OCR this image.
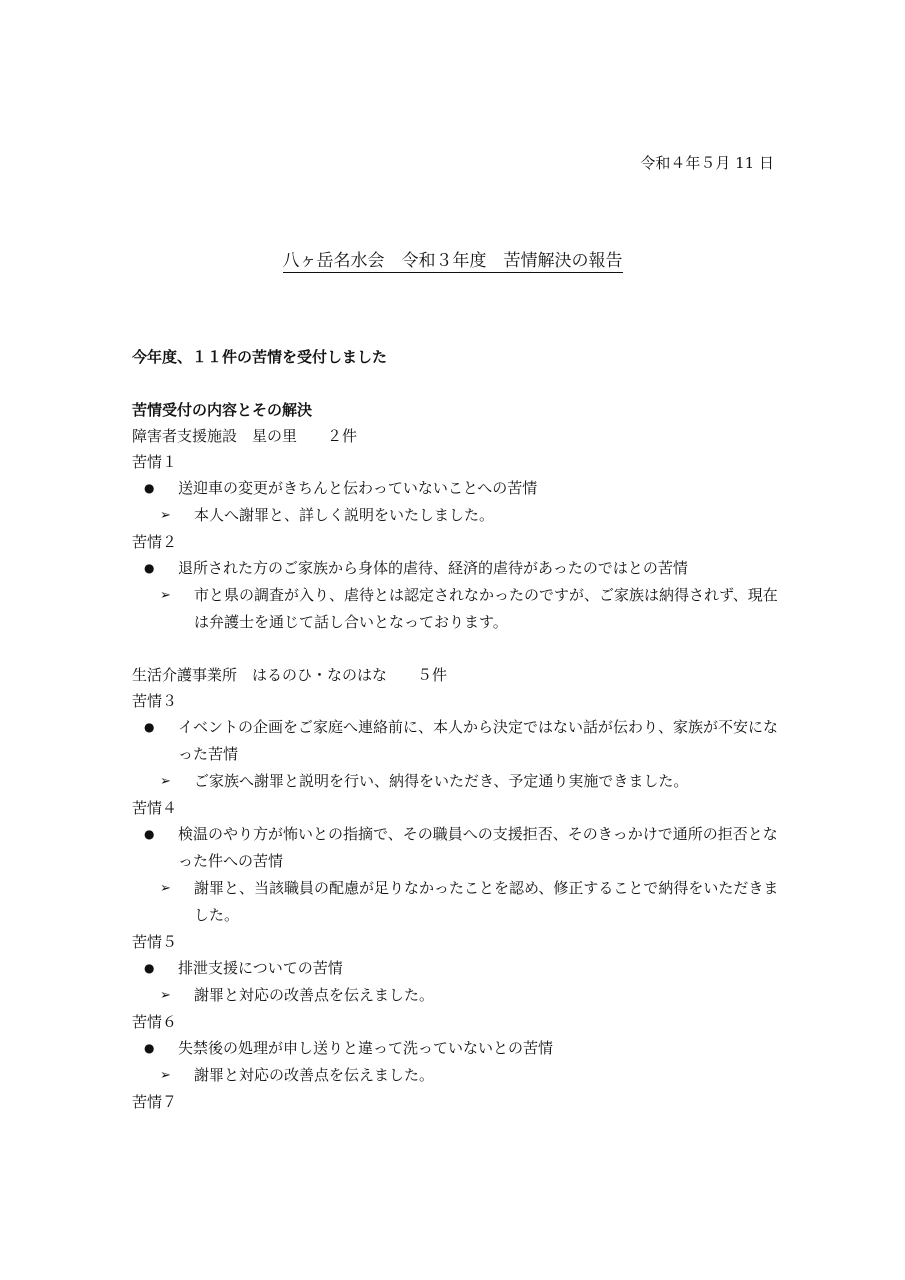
令和４年５月 11 日
八ヶ岳名水会　令和３年度　苦情解決の報告
今年度、１１件の苦情を受付しました
苦情受付の内容とその解決
障害者支援施設　星の里　　２件
苦情１
● 送迎車の変更がきちんと伝わっていないことへの苦情
➢ 本人へ謝罪と、詳しく説明をいたしました。
苦情２
● 退所された方のご家族から身体的虐待、経済的虐待があったのではとの苦情
➢ 市と県の調査が入り、虐待とは認定されなかったのですが、ご家族は納得されず、現在は弁護士を通じて話し合いとなっております。
生活介護事業所　はるのひ・なのはな　　５件
苦情３
● イベントの企画をご家庭へ連絡前に、本人から決定ではない話が伝わり、家族が不安になった苦情
➢ ご家族へ謝罪と説明を行い、納得をいただき、予定通り実施できました。
苦情４
● 検温のやり方が怖いとの指摘で、その職員への支援拒否、そのきっかけで通所の拒否となった件への苦情
➢ 謝罪と、当該職員の配慮が足りなかったことを認め、修正することで納得をいただきました。
苦情５
● 排泄支援についての苦情
➢ 謝罪と対応の改善点を伝えました。
苦情６
● 失禁後の処理が申し送りと違って洗っていないとの苦情
➢ 謝罪と対応の改善点を伝えました。
苦情７
